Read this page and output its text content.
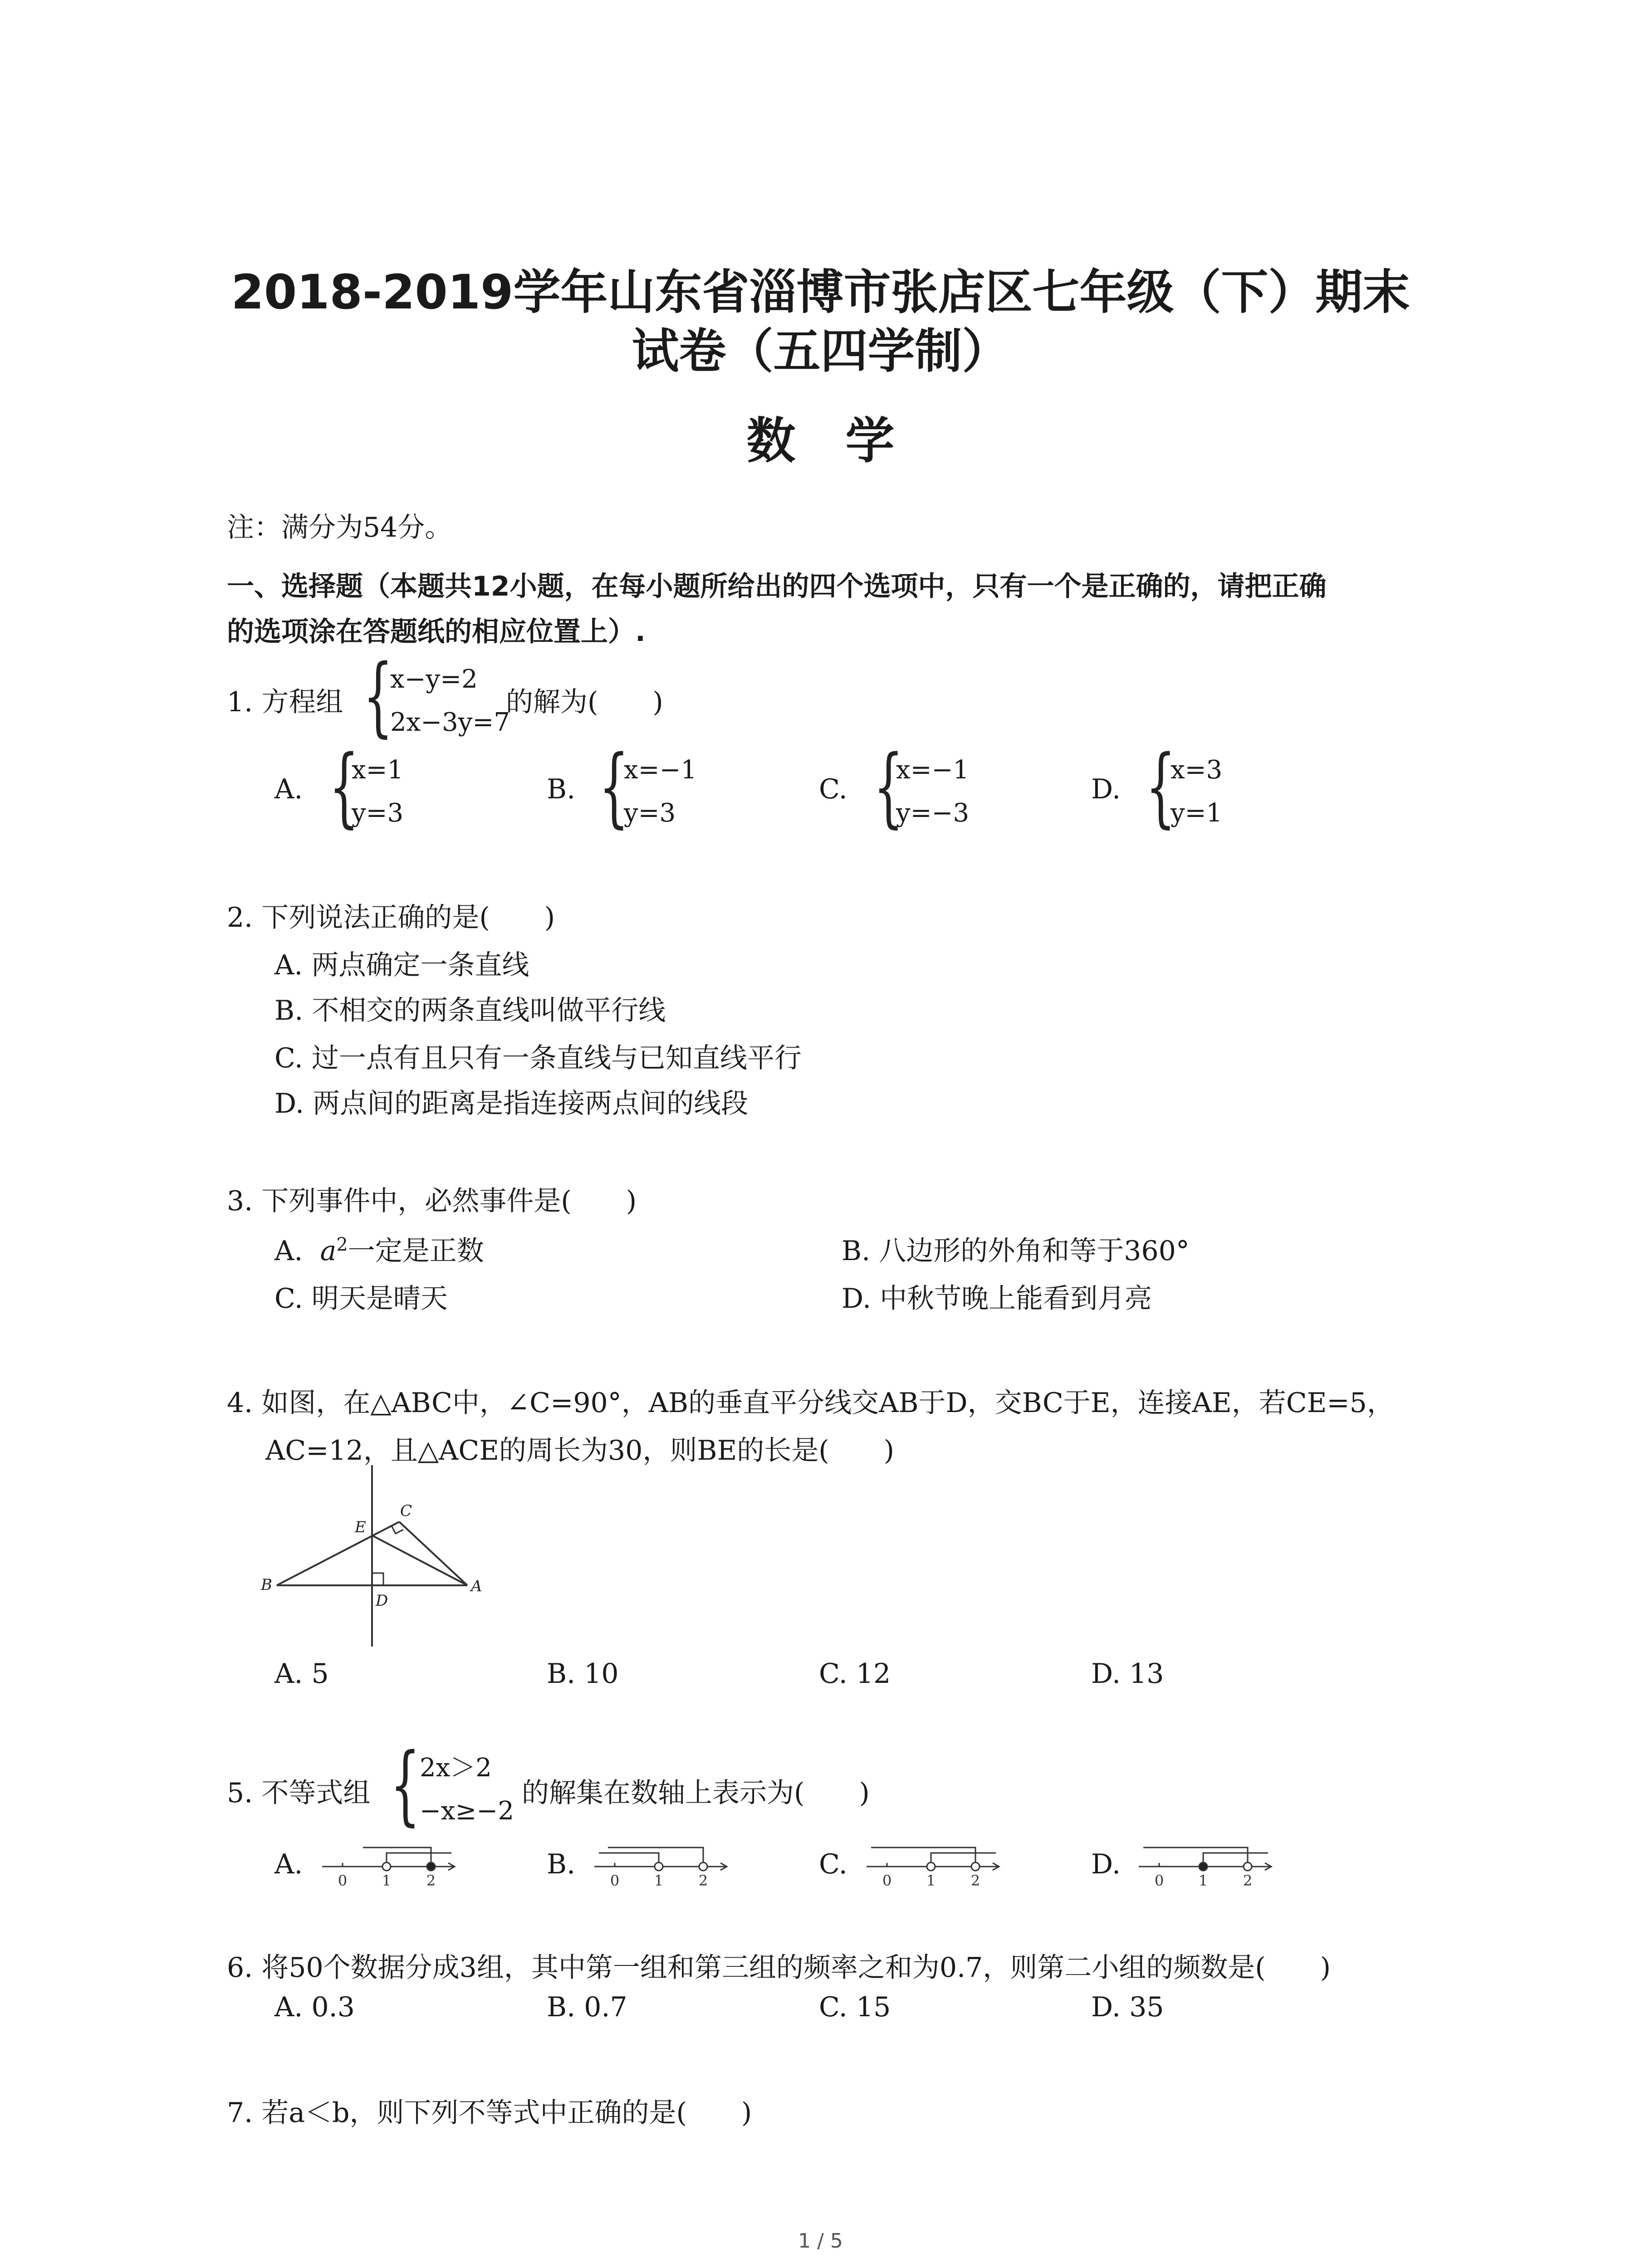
2018-2019学年山东省淄博市张店区七年级（下）期末
试卷（五四学制）
数学
注：满分为54分。
一、选择题（本题共12小题，在每小题所给出的四个选项中，只有一个是正确的，请把正确
的选项涂在答题纸的相应位置上）.
1. 方程组 {
x−y=2
2x−3y=7
的解为(　　)
A. {
x=1
y=3
B. {
x=−1
y=3
C. {
x=−1
y=−3
D. {
x=3
y=1
2. 下列说法正确的是(　　)
A. 两点确定一条直线
B. 不相交的两条直线叫做平行线
C. 过一点有且只有一条直线与已知直线平行
D. 两点间的距离是指连接两点间的线段
3. 下列事件中，必然事件是(　　)
A. $a^2$一定是正数	B. 八边形的外角和等于360°
C. 明天是晴天	D. 中秋节晚上能看到月亮
4. 如图，在△ABC中，∠C=90°，AB的垂直平分线交AB于D，交BC于E，连接AE，若CE=5，
AC=12，且△ACE的周长为30，则BE的长是(　　)
B	A
C
E
D
A. 5	B. 10	C. 12	D. 13
5. 不等式组 {
2x＞2
−x≥−2
的解集在数轴上表示为(　　)
A.	B.	C.	D.
0 1 2	0 1 2	0 1 2	0 1 2
6. 将50个数据分成3组，其中第一组和第三组的频率之和为0.7，则第二小组的频数是(　　)
A. 0.3	B. 0.7	C. 15	D. 35
7. 若a＜b，则下列不等式中正确的是(　　)
1 / 5
